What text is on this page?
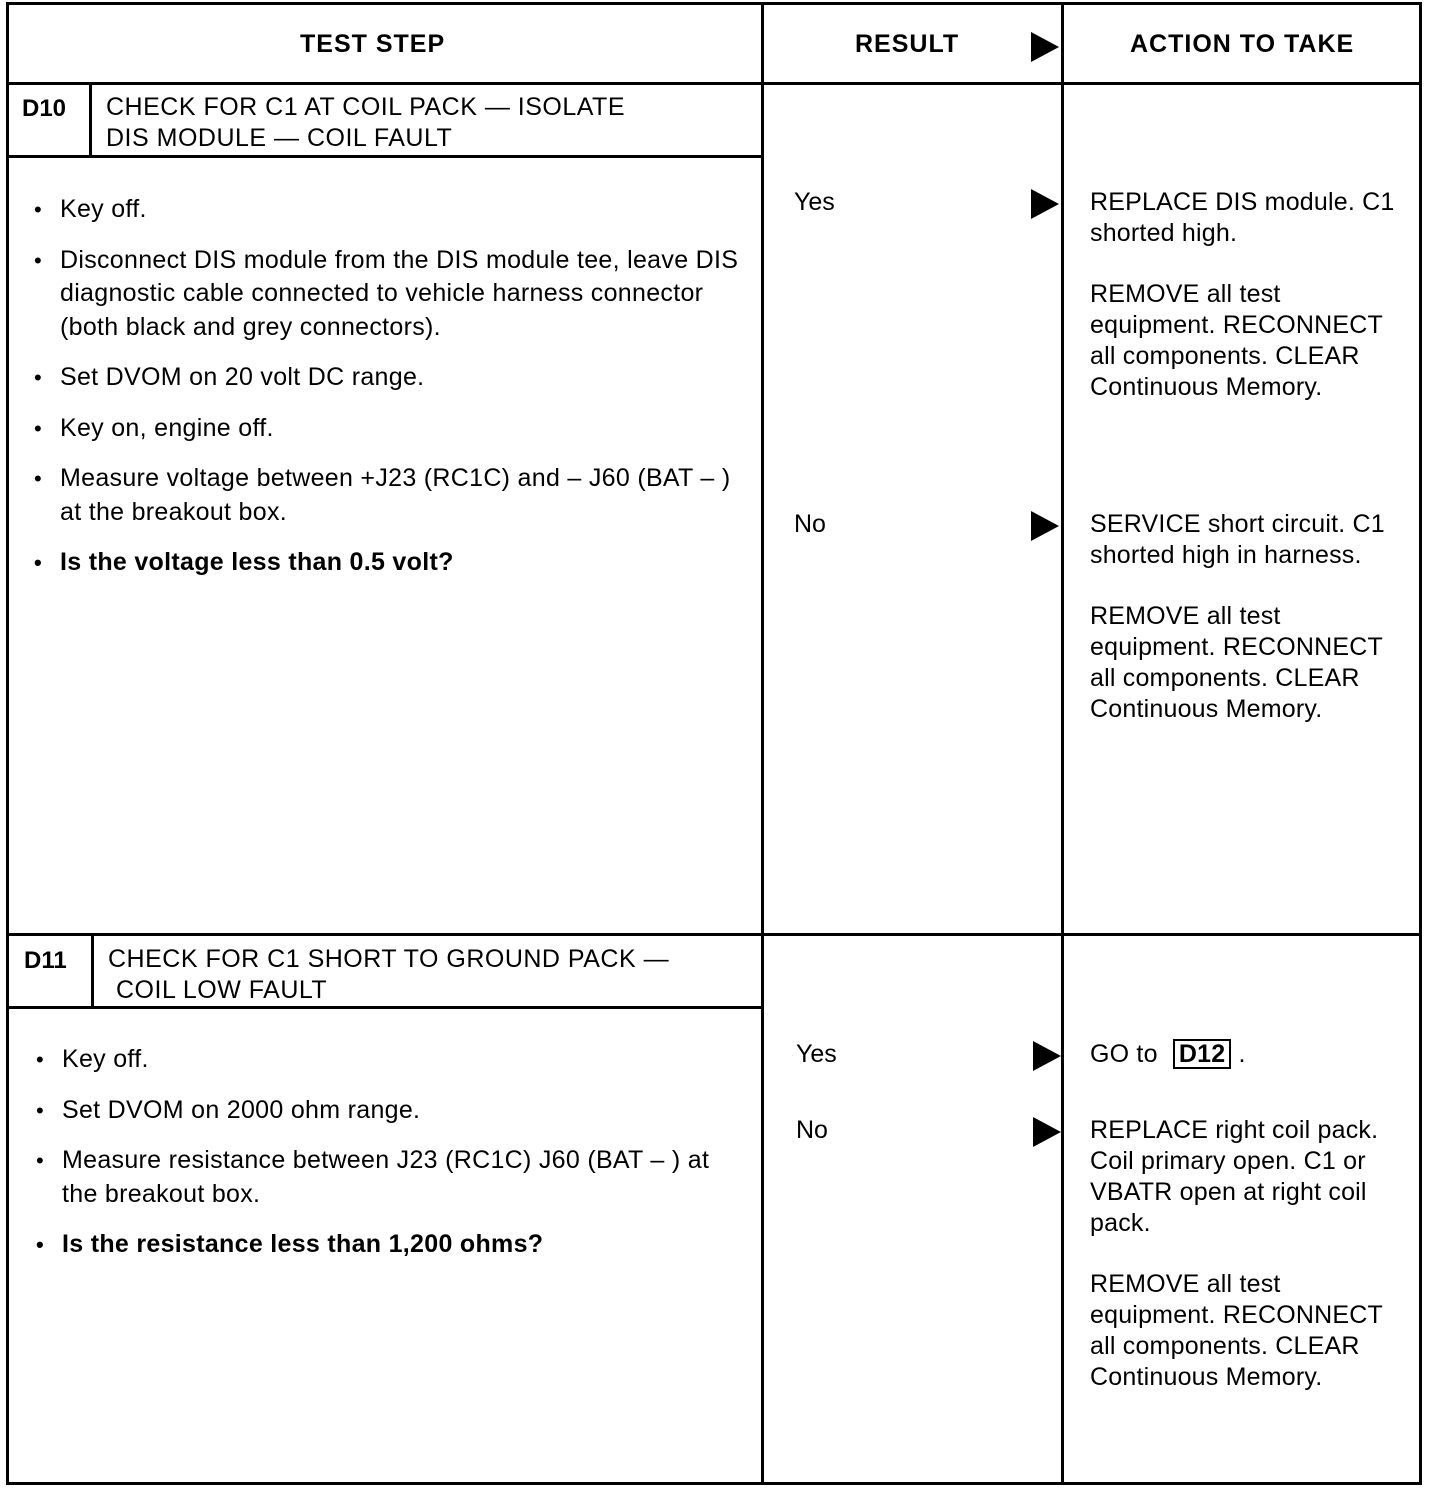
TEST STEP	RESULT	ACTION TO TAKE
D10 CHECK FOR C1 AT COIL PACK — ISOLATE
DIS MODULE — COIL FAULT
• Key off.
• Disconnect DIS module from the DIS module tee, leave DIS diagnostic cable connected to vehicle harness connector (both black and grey connectors).
• Set DVOM on 20 volt DC range.
• Key on, engine off.
• Measure voltage between +J23 (RC1C) and – J60 (BAT – ) at the breakout box.
• Is the voltage less than 0.5 volt?
Yes	REPLACE DIS module. C1 shorted high.

REMOVE all test equipment. RECONNECT all components. CLEAR Continuous Memory.

No	SERVICE short circuit. C1 shorted high in harness.

REMOVE all test equipment. RECONNECT all components. CLEAR Continuous Memory.

D11 CHECK FOR C1 SHORT TO GROUND PACK —
COIL LOW FAULT
• Key off.
• Set DVOM on 2000 ohm range.
• Measure resistance between J23 (RC1C) J60 (BAT – ) at the breakout box.
• Is the resistance less than 1,200 ohms?
Yes	GO to D12 .
No	REPLACE right coil pack. Coil primary open. C1 or VBATR open at right coil pack.

REMOVE all test equipment. RECONNECT all components. CLEAR Continuous Memory.
